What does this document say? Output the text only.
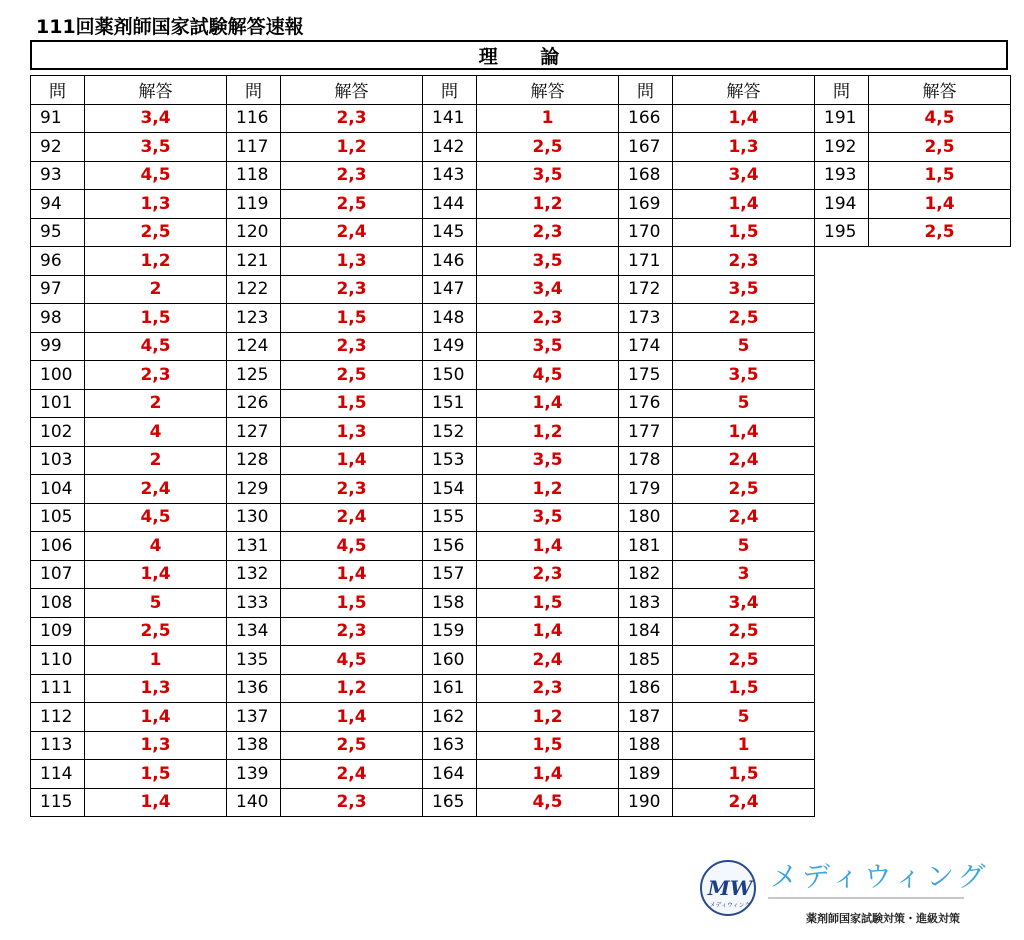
111回薬剤師国家試験解答速報
理 論
問	解答
91	3,4
92	3,5
93	4,5
94	1,3
95	2,5
96	1,2
97	2
98	1,5
99	4,5
100	2,3
101	2
102	4
103	2
104	2,4
105	4,5
106	4
107	1,4
108	5
109	2,5
110	1
111	1,3
112	1,4
113	1,3
114	1,5
115	1,4
問	解答
116	2,3
117	1,2
118	2,3
119	2,5
120	2,4
121	1,3
122	2,3
123	1,5
124	2,3
125	2,5
126	1,5
127	1,3
128	1,4
129	2,3
130	2,4
131	4,5
132	1,4
133	1,5
134	2,3
135	4,5
136	1,2
137	1,4
138	2,5
139	2,4
140	2,3
問	解答
141	1
142	2,5
143	3,5
144	1,2
145	2,3
146	3,5
147	3,4
148	2,3
149	3,5
150	4,5
151	1,4
152	1,2
153	3,5
154	1,2
155	3,5
156	1,4
157	2,3
158	1,5
159	1,4
160	2,4
161	2,3
162	1,2
163	1,5
164	1,4
165	4,5
問	解答
166	1,4
167	1,3
168	3,4
169	1,4
170	1,5
171	2,3
172	3,5
173	2,5
174	5
175	3,5
176	5
177	1,4
178	2,4
179	2,5
180	2,4
181	5
182	3
183	3,4
184	2,5
185	2,5
186	1,5
187	5
188	1
189	1,5
190	2,4
問	解答
191	4,5
192	2,5
193	1,5
194	1,4
195	2,5
MW
メディウィング
メディウィング
薬剤師国家試験対策・進級対策
